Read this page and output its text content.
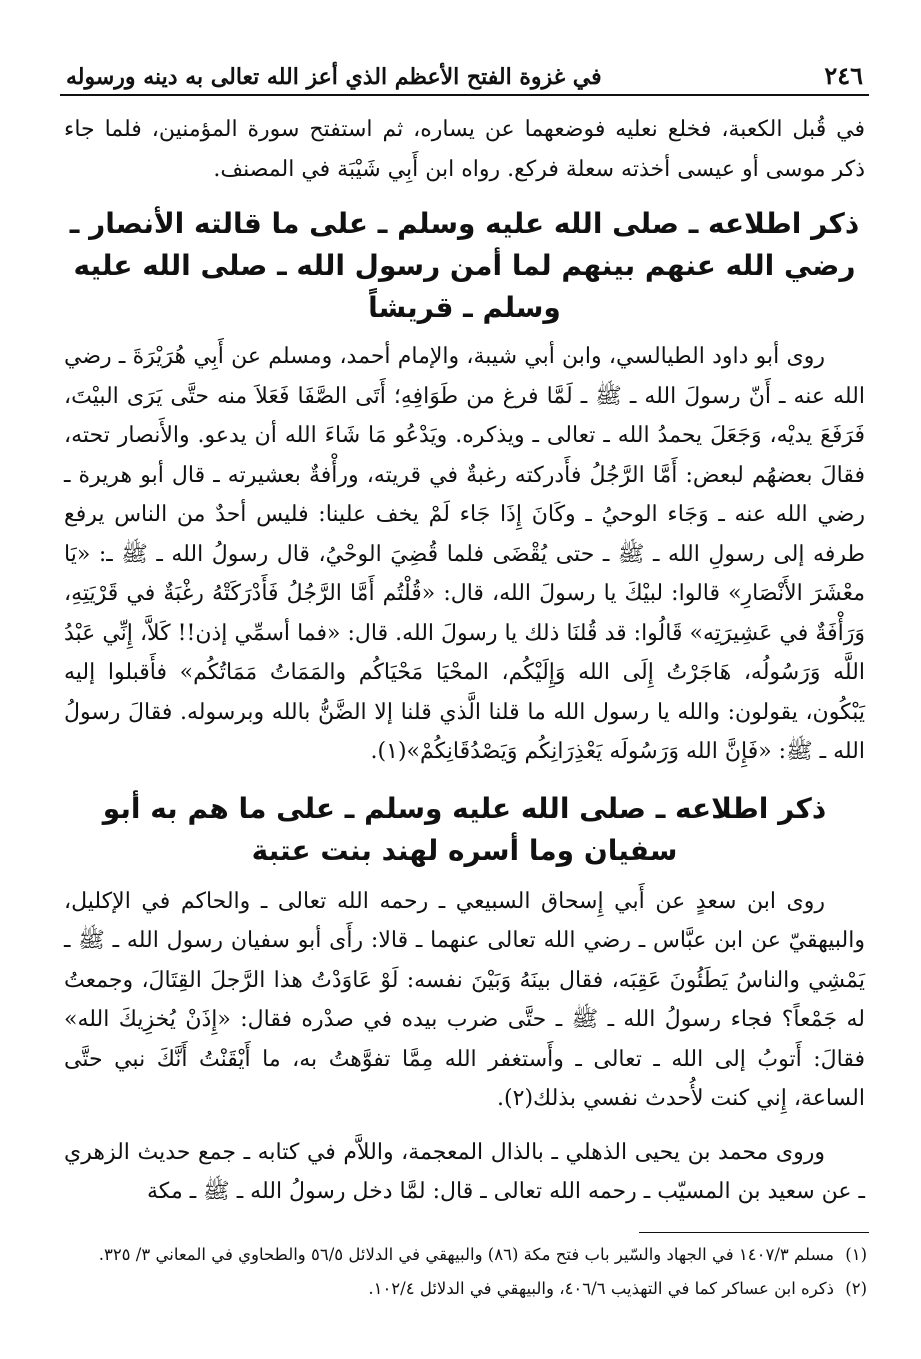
٢٤٦
في غزوة الفتح الأعظم الذي أعز الله تعالى به دينه ورسوله

في قُبل الكعبة، فخلع نعليه فوضعهما عن يساره، ثم استفتح سورة المؤمنين، فلما جاء ذكر موسى أو عيسى أخذته سعلة فركع. رواه ابن أَبِي شَيْبَة في المصنف.

ذكر اطلاعه ـ صلى الله عليه وسلم ـ على ما قالته الأنصار ـ رضي الله عنهم بينهم لما أمن رسول الله ـ صلى الله عليه وسلم ـ قريشاً

روى أبو داود الطيالسي، وابن أبي شيبة، والإمام أحمد، ومسلم عن أَبِي هُرَيْرَةَ ـ رضي الله عنه ـ أَنّ رسولَ الله ـ ﷺ ـ لَمَّا فرغ من طَوَافِهِ؛ أَتَى الصَّفَا فَعَلاَ منه حتَّى يَرَى البيْتَ، فَرَفَعَ يديْه، وَجَعَلَ يحمدُ الله ـ تعالى ـ ويذكره. ويَدْعُو مَا شَاءَ الله أن يدعو. والأَنصار تحته، فقالَ بعضهُم لبعض: أَمَّا الرَّجُلُ فأَدركته رغبةٌ في قريته، ورأْفةٌ بعشيرته ـ قال أبو هريرة ـ رضي الله عنه ـ وَجَاء الوحيُ ـ وكَانَ إِذَا جَاء لَمْ يخف علينا: فليس أحدٌ من الناس يرفع طرفه إلى رسولِ الله ـ ﷺ ـ حتى يُقْضَى فلما قُضِيَ الوحْيُ، قال رسولُ الله ـ ﷺ ـ: «يَا معْشَرَ الأَنْصَارِ» قالوا: لبيْكَ يا رسولَ الله، قال: «قُلْتُم أَمَّا الرَّجُلُ فَأَدْرَكَتْهُ رغْبَةٌ في قَرْيَتِهِ، وَرَأْفَةٌ في عَشِيرَتِه» قَالُوا: قد قُلنَا ذلك يا رسولَ الله. قال: «فما أسمِّي إذن!! كَلاَّ، إِنِّي عَبْدُ اللَّه وَرَسُولُه، هَاجَرْتُ إِلَى الله وَإِلَيْكُم، المحْيَا مَحْيَاكُم والمَمَاتُ مَمَاتُكُم» فأَقبلوا إليه يَبْكُون، يقولون: والله يا رسول الله ما قلنا الَّذي قلنا إلا الضَّنُّ بالله وبرسوله. فقالَ رسولُ الله ـ ﷺ: «فَإِنَّ الله وَرَسُولَه يَعْذِرَانِكُم وَيَصْدُقَانِكُمْ»(١).

ذكر اطلاعه ـ صلى الله عليه وسلم ـ على ما هم به أبو سفيان وما أسره لهند بنت عتبة

روى ابن سعدٍ عن أَبي إِسحاق السبيعي ـ رحمه الله تعالى ـ والحاكم في الإكليل، والبيهقيّ عن ابن عبَّاس ـ رضي الله تعالى عنهما ـ قالا: رأَى أبو سفيان رسول الله ـ ﷺ ـ يَمْشِي والناسُ يَطَئُونَ عَقِبَه، فقال بينَهُ وَبَيْنَ نفسه: لَوْ عَاوَدْتُ هذا الرَّجلَ القِتَالَ، وجمعتُ له جَمْعاً؟ فجاء رسولُ الله ـ ﷺ ـ حتَّى ضرب بيده في صدْره فقال: «إِذَنْ يُخزِيكَ الله» فقالَ: أَتوبُ إلى الله ـ تعالى ـ وأَستغفر الله مِمَّا تفوَّهتُ به، ما أَيْقَنْتُ أَنَّكَ نبي حتَّى الساعة، إِني كنت لأُحدث نفسي بذلك(٢).

وروى محمد بن يحيى الذهلي ـ بالذال المعجمة، واللاَّم في كتابه ـ جمع حديث الزهري ـ عن سعيد بن المسيّب ـ رحمه الله تعالى ـ قال: لمَّا دخل رسولُ الله ـ ﷺ ـ مكة

(١) مسلم ١٤٠٧/٣ في الجهاد والسّير باب فتح مكة (٨٦) والبيهقي في الدلائل ٥٦/٥ والطحاوي في المعاني ٣/ ٣٢٥.

(٢) ذكره ابن عساكر كما في التهذيب ٤٠٦/٦، والبيهقي في الدلائل ١٠٢/٤.
